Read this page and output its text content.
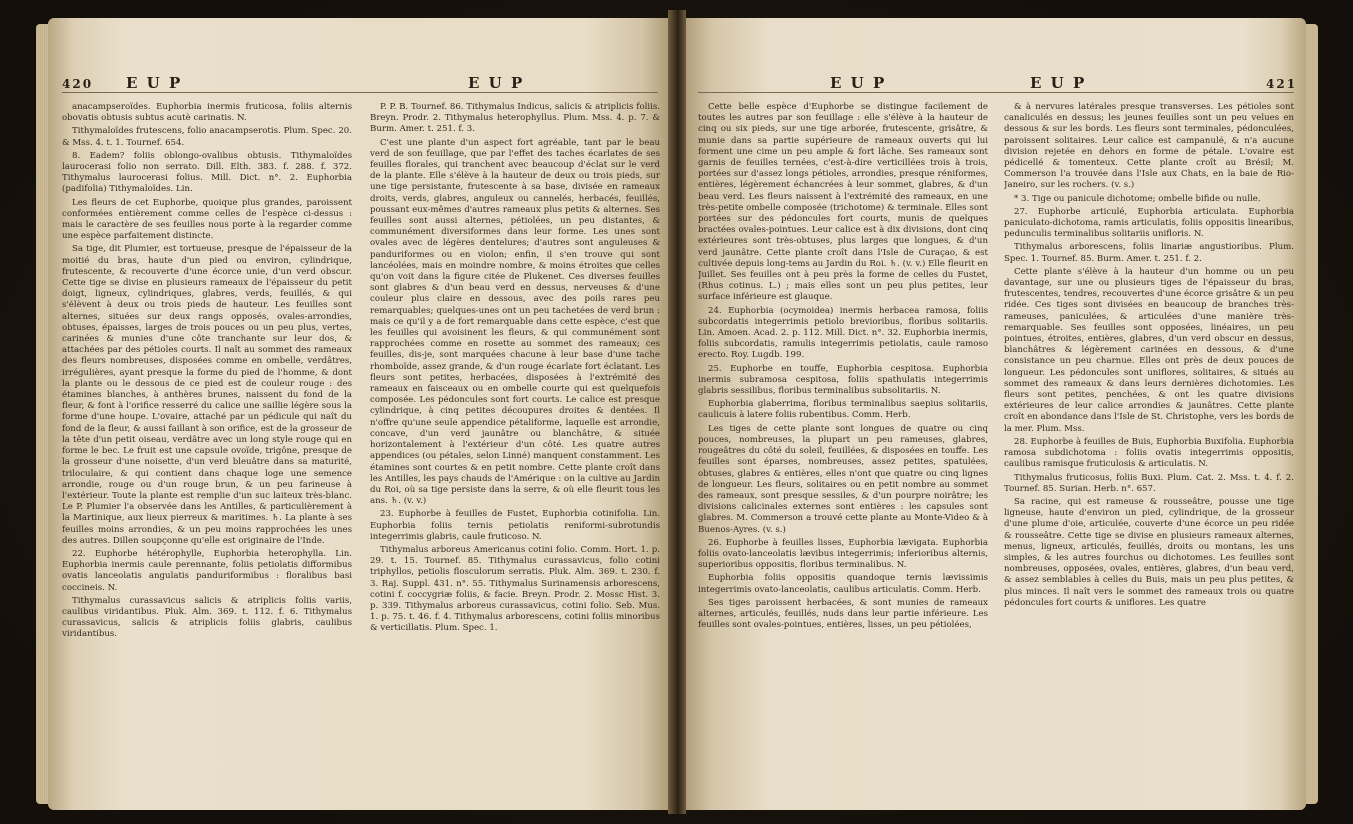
420 E U P	E U P

anacampseroïdes. Euphorbia inermis fruticosa, foliis alternis obovatis obtusis subtus acutè carinatis. N.

Tithymaloïdes frutescens, folio anacampserotis. Plum. Spec. 20. & Mss. 4. t. 1. Tournef. 654.

8. Eadem? foliis oblongo-ovalibus obtusis. Tithymaloïdes laurocerasi folio non serrato. Dill. Elth. 383. f. 288. f. 372. Tithymalus laurocerasi folius. Mill. Dict. n°. 2. Euphorbia (padifolia) Tithymaloïdes. Lin.

Les fleurs de cet Euphorbe, quoique plus grandes, paroissent conformées entièrement comme celles de l'espèce ci-dessus : mais le caractère de ses feuilles nous porte à la regarder comme une espèce parfaitement distincte.

Sa tige, dit Plumier, est tortueuse, presque de l'épaisseur de la moitié du bras, haute d'un pied ou environ, cylindrique, frutescente, & recouverte d'une écorce unie, d'un verd obscur. Cette tige se divise en plusieurs rameaux de l'épaisseur du petit doigt, ligneux, cylindriques, glabres, verds, feuillés, & qui s'élèvent à deux ou trois pieds de hauteur. Les feuilles sont alternes, situées sur deux rangs opposés, ovales-arrondies, obtuses, épaisses, larges de trois pouces ou un peu plus, vertes, carinées & munies d'une côte tranchante sur leur dos, & attachées par des pétioles courts. Il naît au sommet des rameaux des fleurs nombreuses, disposées comme en ombelle, verdâtres, irrégulières, ayant presque la forme du pied de l'homme, & dont la plante ou le dessous de ce pied est de couleur rouge : des étamines blanches, à anthères brunes, naissent du fond de la fleur, & font à l'orifice resserré du calice une saillie légère sous la forme d'une houpe. L'ovaire, attaché par un pédicule qui naît du fond de la fleur, & aussi faillant à son orifice, est de la grosseur de la tête d'un petit oiseau, verdâtre avec un long style rouge qui en forme le bec. Le fruit est une capsule ovoïde, trigône, presque de la grosseur d'une noisette, d'un verd bleuâtre dans sa maturité, triloculaire, & qui contient dans chaque loge une semence arrondie, rouge ou d'un rouge brun, & un peu farineuse à l'extérieur. Toute la plante est remplie d'un suc laiteux très-blanc. Le P. Plumier l'a observée dans les Antilles, & particulièrement à la Martinique, aux lieux pierreux & maritimes. ♄. La plante à ses feuilles moins arrondies, & un peu moins rapprochées les unes des autres. Dillen soupçonne qu'elle est originaire de l'Inde.

22. Euphorbe hétérophylle, Euphorbia heterophylla. Lin. Euphorbia inermis caule perennante, foliis petiolatis difformibus ovatis lanceolatis angulatis panduriformibus : floralibus basi coccineis. N.

Tithymalus curassavicus salicis & atriplicis foliis variis, caulibus viridantibus. Pluk. Alm. 369. t. 112. f. 6. Tithymalus curassavicus, salicis & atriplicis foliis glabris, caulibus viridantibus.

P. P. B. Tournef. 86. Tithymalus Indicus, salicis & atriplicis foliis. Breyn. Prodr. 2. Tithymalus heterophyllus. Plum. Mss. 4. p. 7. & Burm. Amer. t. 251. f. 3.

C'est une plante d'un aspect fort agréable, tant par le beau verd de son feuillage, que par l'effet des taches écarlates de ses feuilles florales, qui tranchent avec beaucoup d'éclat sur le verd de la plante. Elle s'élève à la hauteur de deux ou trois pieds, sur une tige persistante, frutescente à sa base, divisée en rameaux droits, verds, glabres, anguleux ou cannelés, herbacés, feuillés, poussant eux-mêmes d'autres rameaux plus petits & alternes. Ses feuilles sont aussi alternes, pétiolées, un peu distantes, & communément diversiformes dans leur forme. Les unes sont ovales avec de légères dentelures; d'autres sont anguleuses & panduriformes ou en violon; enfin, il s'en trouve qui sont lancéolées, mais en moindre nombre, & moins étroites que celles qu'on voit dans la figure citée de Plukenet. Ces diverses feuilles sont glabres & d'un beau verd en dessus, nerveuses & d'une couleur plus claire en dessous, avec des poils rares peu remarquables; quelques-unes ont un peu tachetées de verd brun : mais ce qu'il y a de fort remarquable dans cette espèce, c'est que les feuilles qui avoisinent les fleurs, & qui communément sont rapprochées comme en rosette au sommet des rameaux; ces feuilles, dis-je, sont marquées chacune à leur base d'une tache rhomboïde, assez grande, & d'un rouge écarlate fort éclatant. Les fleurs sont petites, herbacées, disposées à l'extrémité des rameaux en faisceaux ou en ombelle courte qui est quelquefois composée. Les pédoncules sont fort courts. Le calice est presque cylindrique, à cinq petites découpures droites & dentées. Il n'offre qu'une seule appendice pétaliforme, laquelle est arrondie, concave, d'un verd jaunâtre ou blanchâtre, & située horizontalement à l'extérieur d'un côté. Les quatre autres appendices (ou pétales, selon Linné) manquent constamment. Les étamines sont courtes & en petit nombre. Cette plante croît dans les Antilles, les pays chauds de l'Amérique : on la cultive au Jardin du Roi, où sa tige persiste dans la serre, & où elle fleurit tous les ans. ♄. (v. v.)

23. Euphorbe à feuilles de Fustet, Euphorbia cotinifolia. Lin. Euphorbia foliis ternis petiolatis reniformi-subrotundis integerrimis glabris, caule fruticoso. N.

Tithymalus arboreus Americanus cotini folio. Comm. Hort. 1. p. 29. t. 15. Tournef. 85. Tithymalus curassavicus, folio cotini triphyllos, petiolis flosculorum serratis. Pluk. Alm. 369. t. 230. f. 3. Raj. Suppl. 431. n°. 55. Tithymalus Surinamensis arborescens, cotini f. coccygriæ foliis, & facie. Breyn. Prodr. 2. Mossc Hist. 3. p. 339. Tithymalus arboreus curassavicus, cotini folio. Seb. Mus. 1. p. 75. t. 46. f. 4. Tithymalus arborescens, cotini foliis minoribus & verticillatis. Plum. Spec. 1.

E U P	E U P	421

Cette belle espèce d'Euphorbe se distingue facilement de toutes les autres par son feuillage : elle s'élève à la hauteur de cinq ou six pieds, sur une tige arborée, frutescente, grisâtre, & munie dans sa partie supérieure de rameaux ouverts qui lui forment une cime un peu ample & fort lâche. Ses rameaux sont garnis de feuilles ternées, c'est-à-dire verticillées trois à trois, portées sur d'assez longs pétioles, arrondies, presque réniformes, entières, légèrement échancrées à leur sommet, glabres, & d'un beau verd. Les fleurs naissent à l'extrémité des rameaux, en une très-petite ombelle composée (trichotome) & terminale. Elles sont portées sur des pédoncules fort courts, munis de quelques bractées ovales-pointues. Leur calice est à dix divisions, dont cinq extérieures sont très-obtuses, plus larges que longues, & d'un verd jaunâtre. Cette plante croît dans l'Isle de Curaçao, & est cultivée depuis long-tems au Jardin du Roi. ♄. (v. v.) Elle fleurit en Juillet. Ses feuilles ont à peu près la forme de celles du Fustet, (Rhus cotinus. L.) ; mais elles sont un peu plus petites, leur surface inférieure est glauque.

24. Euphorbia (ocymoidea) inermis herbacea ramosa, foliis subcordatis integerrimis petiolo brevioribus, floribus solitariis. Lin. Amoen. Acad. 2. p. 112. Mill. Dict. n°. 32. Euphorbia inermis, foliis subcordatis, ramulis integerrimis petiolatis, caule ramoso erecto. Roy. Lugdb. 199.

25. Euphorbe en touffe, Euphorbia cespitosa. Euphorbia inermis subramosa cespitosa, foliis spathulatis integerrimis glabris sessilibus, floribus terminalibus subsolitariis. N.

Euphorbia glaberrima, floribus terminalibus saepius solitariis, caulicuis à latere foliis rubentibus. Comm. Herb.

Les tiges de cette plante sont longues de quatre ou cinq pouces, nombreuses, la plupart un peu rameuses, glabres, rougeâtres du côté du soleil, feuillées, & disposées en touffe. Les feuilles sont éparses, nombreuses, assez petites, spatulées, obtuses, glabres & entières, elles n'ont que quatre ou cinq lignes de longueur. Les fleurs, solitaires ou en petit nombre au sommet des rameaux, sont presque sessiles, & d'un pourpre noirâtre; les divisions calicinales externes sont entières : les capsules sont glabres. M. Commerson a trouvé cette plante au Monte-Video & à Buenos-Ayres. (v. s.)

26. Euphorbe à feuilles lisses, Euphorbia lævigata. Euphorbia foliis ovato-lanceolatis lævibus integerrimis; inferioribus alternis, superioribus oppositis, floribus terminalibus. N.

Euphorbia foliis oppositis quandoque ternis lævissimis integerrimis ovato-lanceolatis, caulibus articulatis. Comm. Herb.

Ses tiges paroissent herbacées, & sont munies de rameaux alternes, articulés, feuillés, nuds dans leur partie inférieure. Les feuilles sont ovales-pointues, entières, lisses, un peu pétiolées,

& à nervures latérales presque transverses. Les pétioles sont canaliculés en dessus; les jeunes feuilles sont un peu velues en dessous & sur les bords. Les fleurs sont terminales, pédonculées, paroissent solitaires. Leur calice est campanulé, & n'a aucune division rejetée en dehors en forme de pétale. L'ovaire est pédicellé & tomenteux. Cette plante croît au Brésil; M. Commerson l'a trouvée dans l'Isle aux Chats, en la baie de Rio-Janeiro, sur les rochers. (v. s.)

* 3. Tige ou panicule dichotome; ombelle bifide ou nulle.

27. Euphorbe articulé, Euphorbia articulata. Euphorbia paniculato-dichotoma, ramis articulatis, foliis oppositis linearibus, pedunculis terminalibus solitariis unifloris. N.

Tithymalus arborescens, foliis linariæ angustioribus. Plum. Spec. 1. Tournef. 85. Burm. Amer. t. 251. f. 2.

Cette plante s'élève à la hauteur d'un homme ou un peu davantage, sur une ou plusieurs tiges de l'épaisseur du bras, frutescentes, tendres, recouvertes d'une écorce grisâtre & un peu ridée. Ces tiges sont divisées en beaucoup de branches très-rameuses, paniculées, & articulées d'une manière très-remarquable. Ses feuilles sont opposées, linéaires, un peu pointues, étroites, entières, glabres, d'un verd obscur en dessus, blanchâtres & légèrement carinées en dessous, & d'une consistance un peu charnue. Elles ont près de deux pouces de longueur. Les pédoncules sont uniflores, solitaires, & situés au sommet des rameaux & dans leurs dernières dichotomies. Les fleurs sont petites, penchées, & ont les quatre divisions extérieures de leur calice arrondies & jaunâtres. Cette plante croît en abondance dans l'Isle de St. Christophe, vers les bords de la mer. Plum. Mss.

28. Euphorbe à feuilles de Buis, Euphorbia Buxifolia. Euphorbia ramosa subdichotoma : foliis ovatis integerrimis oppositis, caulibus ramisque fruticulosis & articulatis. N.

Tithymalus fruticosus, foliis Buxi. Plum. Cat. 2. Mss. t. 4. f. 2. Tournef. 85. Surian. Herb. n°. 657.

Sa racine, qui est rameuse & rousseâtre, pousse une tige ligneuse, haute d'environ un pied, cylindrique, de la grosseur d'une plume d'oie, articulée, couverte d'une écorce un peu ridée & rousseâtre. Cette tige se divise en plusieurs rameaux alternes, menus, ligneux, articulés, feuillés, droits ou montans, les uns simples, & les autres fourchus ou dichotomes. Les feuilles sont nombreuses, opposées, ovales, entières, glabres, d'un beau verd, & assez semblables à celles du Buis, mais un peu plus petites, & plus minces. Il naît vers le sommet des rameaux trois ou quatre pédoncules fort courts & uniflores. Les quatre
